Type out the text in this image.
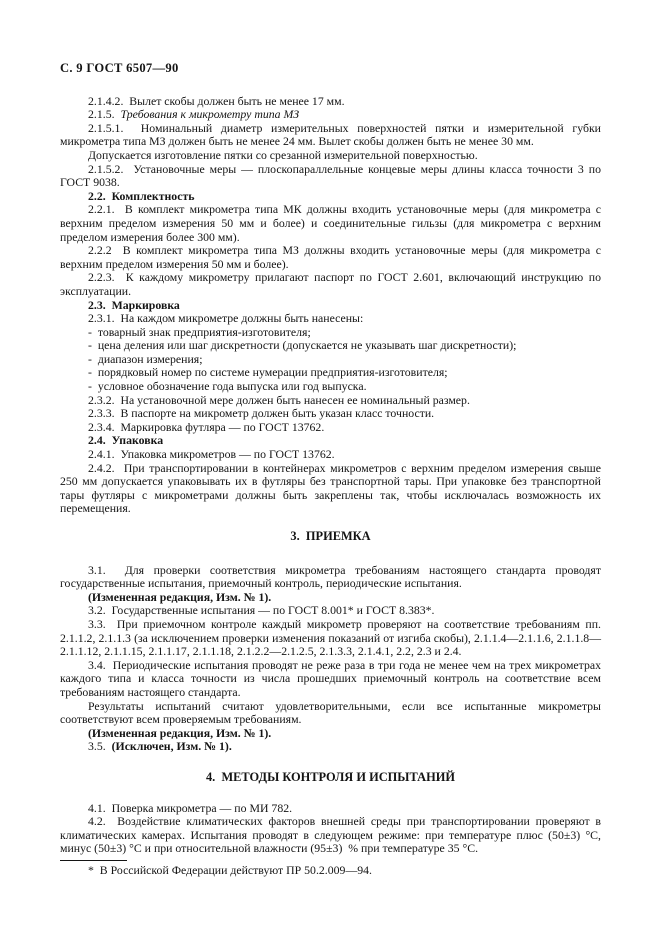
С. 9 ГОСТ 6507—90

2.1.4.2.  Вылет скобы должен быть не менее 17 мм.

2.1.5.  Требования к микрометру типа МЗ

2.1.5.1.  Номинальный диаметр измерительных поверхностей пятки и измерительной губки микрометра типа МЗ должен быть не менее 24 мм. Вылет скобы должен быть не менее 30 мм.

Допускается изготовление пятки со срезанной измерительной поверхностью.

2.1.5.2.  Установочные меры — плоскопараллельные концевые меры длины класса точности 3 по ГОСТ 9038.

2.2.  Комплектность

2.2.1.  В комплект микрометра типа МК должны входить установочные меры (для микрометра с верхним пределом измерения 50 мм и более) и соединительные гильзы (для микрометра с верхним пределом измерения более 300 мм).

2.2.2  В комплект микрометра типа МЗ должны входить установочные меры (для микрометра с верхним пределом измерения 50 мм и более).

2.2.3.  К каждому микрометру прилагают паспорт по ГОСТ 2.601, включающий инструкцию по эксплуатации.

2.3.  Маркировка

2.3.1.  На каждом микрометре должны быть нанесены:

-  товарный знак предприятия-изготовителя;

-  цена деления или шаг дискретности (допускается не указывать шаг дискретности);

-  диапазон измерения;

-  порядковый номер по системе нумерации предприятия-изготовителя;

-  условное обозначение года выпуска или год выпуска.

2.3.2.  На установочной мере должен быть нанесен ее номинальный размер.

2.3.3.  В паспорте на микрометр должен быть указан класс точности.

2.3.4.  Маркировка футляра — по ГОСТ 13762.

2.4.  Упаковка

2.4.1.  Упаковка микрометров — по ГОСТ 13762.

2.4.2.  При транспортировании в контейнерах микрометров с верхним пределом измерения свыше 250 мм допускается упаковывать их в футляры без транспортной тары. При упаковке без транспортной тары футляры с микрометрами должны быть закреплены так, чтобы исключалась возможность их перемещения.

3.  ПРИЕМКА

3.1.  Для проверки соответствия микрометра требованиям настоящего стандарта проводят государственные испытания, приемочный контроль, периодические испытания.

(Измененная редакция, Изм. № 1).

3.2.  Государственные испытания — по ГОСТ 8.001* и ГОСТ 8.383*.

3.3.  При приемочном контроле каждый микрометр проверяют на соответствие требованиям пп. 2.1.1.2, 2.1.1.3 (за исключением проверки изменения показаний от изгиба скобы), 2.1.1.4—2.1.1.6, 2.1.1.8—2.1.1.12, 2.1.1.15, 2.1.1.17, 2.1.1.18, 2.1.2.2—2.1.2.5, 2.1.3.3, 2.1.4.1, 2.2, 2.3 и 2.4.

3.4.  Периодические испытания проводят не реже раза в три года не менее чем на трех микрометрах каждого типа и класса точности из числа прошедших приемочный контроль на соответствие всем требованиям настоящего стандарта.

Результаты испытаний считают удовлетворительными, если все испытанные микрометры соответствуют всем проверяемым требованиям.

(Измененная редакция, Изм. № 1).

3.5.  (Исключен, Изм. № 1).

4.  МЕТОДЫ КОНТРОЛЯ И ИСПЫТАНИЙ

4.1.  Поверка микрометра — по МИ 782.

4.2.  Воздействие климатических факторов внешней среды при транспортировании проверяют в климатических камерах. Испытания проводят в следующем режиме: при температуре плюс (50±3) °С, минус (50±3) °С и при относительной влажности (95±3)  % при температуре 35 °С.

*  В Российской Федерации действуют ПР 50.2.009—94.
